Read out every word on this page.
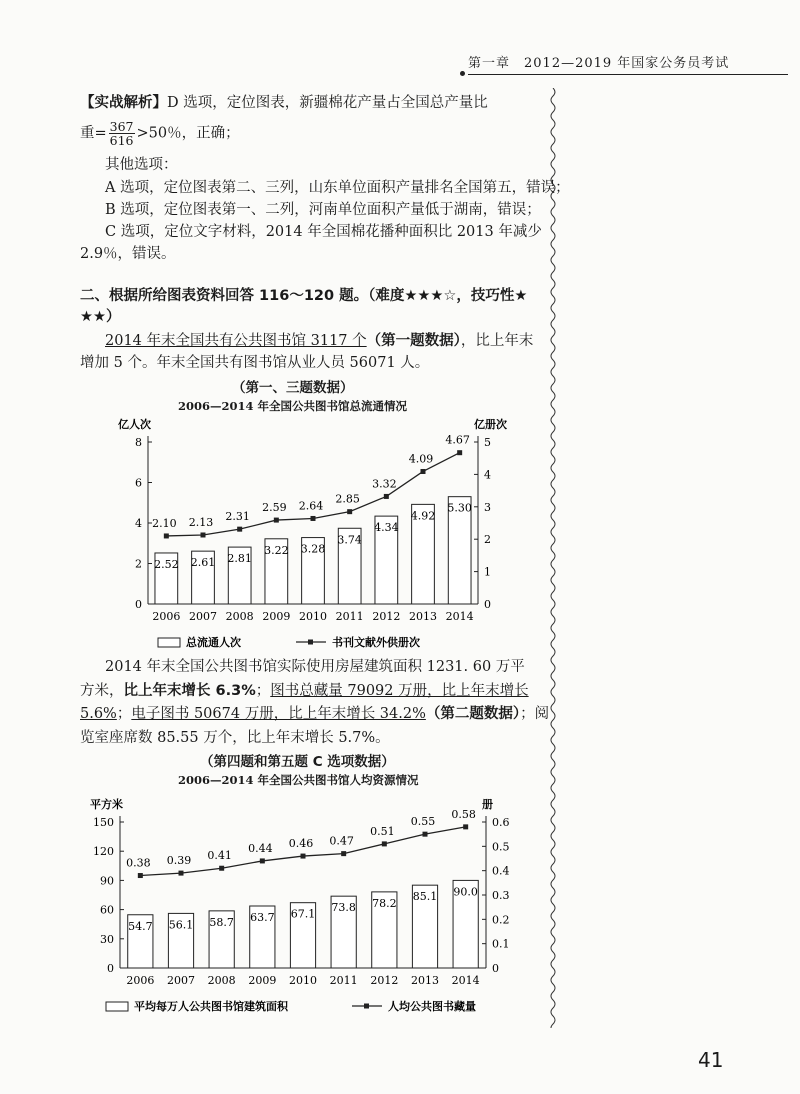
第一章　2012—2019 年国家公务员考试
【实战解析】D 选项，定位图表，新疆棉花产量占全国总产量比
重= $\frac{367}{616} >50$％，正确；
其他选项：
A 选项，定位图表第二、三列，山东单位面积产量排名全国第五，错误；
B 选项，定位图表第一、二列，河南单位面积产量低于湖南，错误；
C 选项，定位文字材料，2014 年全国棉花播种面积比 2013 年减少
2.9％，错误。
二、根据所给图表资料回答 116～120 题。（难度★★★☆，技巧性★
★★）
2014 年末全国共有公共图书馆 3117 个（第一题数据），比上年末
增加 5 个。年末全国共有图书馆从业人员 56071 人。
（第一、三题数据）
2006—2014 年全国公共图书馆总流通情况
亿人次	亿册次
0
2
4
6
8
0
1
2
3
4
5
2.52
2006
2.61
2007
2.81
2008
3.22
2009
3.28
2010
3.74
2011
4.34
2012
4.92
2013
5.30
2014
2.10 2.13 2.31
2.59 2.64
2.85
3.32
4.09
4.67
总流通人次	书刊文献外供册次
2014 年末全国公共图书馆实际使用房屋建筑面积 1231. 60 万平
方米，比上年末增长 6.3%；图书总藏量 79092 万册，比上年末增长
5.6%；电子图书 50674 万册，比上年末增长 34.2%（第二题数据）；阅
览室座席数 85.55 万个，比上年末增长 5.7%。
（第四题和第五题 C 选项数据）
2006—2014 年全国公共图书馆人均资源情况
平方米	册
0
30
60
90
120
150
0
0.1
0.2
0.3
0.4
0.5
0.6
54.7
2006
56.1
2007
58.7
2008
63.7
2009
67.1
2010
73.8
2011
78.2
2012
85.1
2013
90.0
2014
0.38 0.39 0.41
0.44 0.46 0.47
0.51
0.55
0.58
平均每万人公共图书馆建筑面积	人均公共图书藏量
41
